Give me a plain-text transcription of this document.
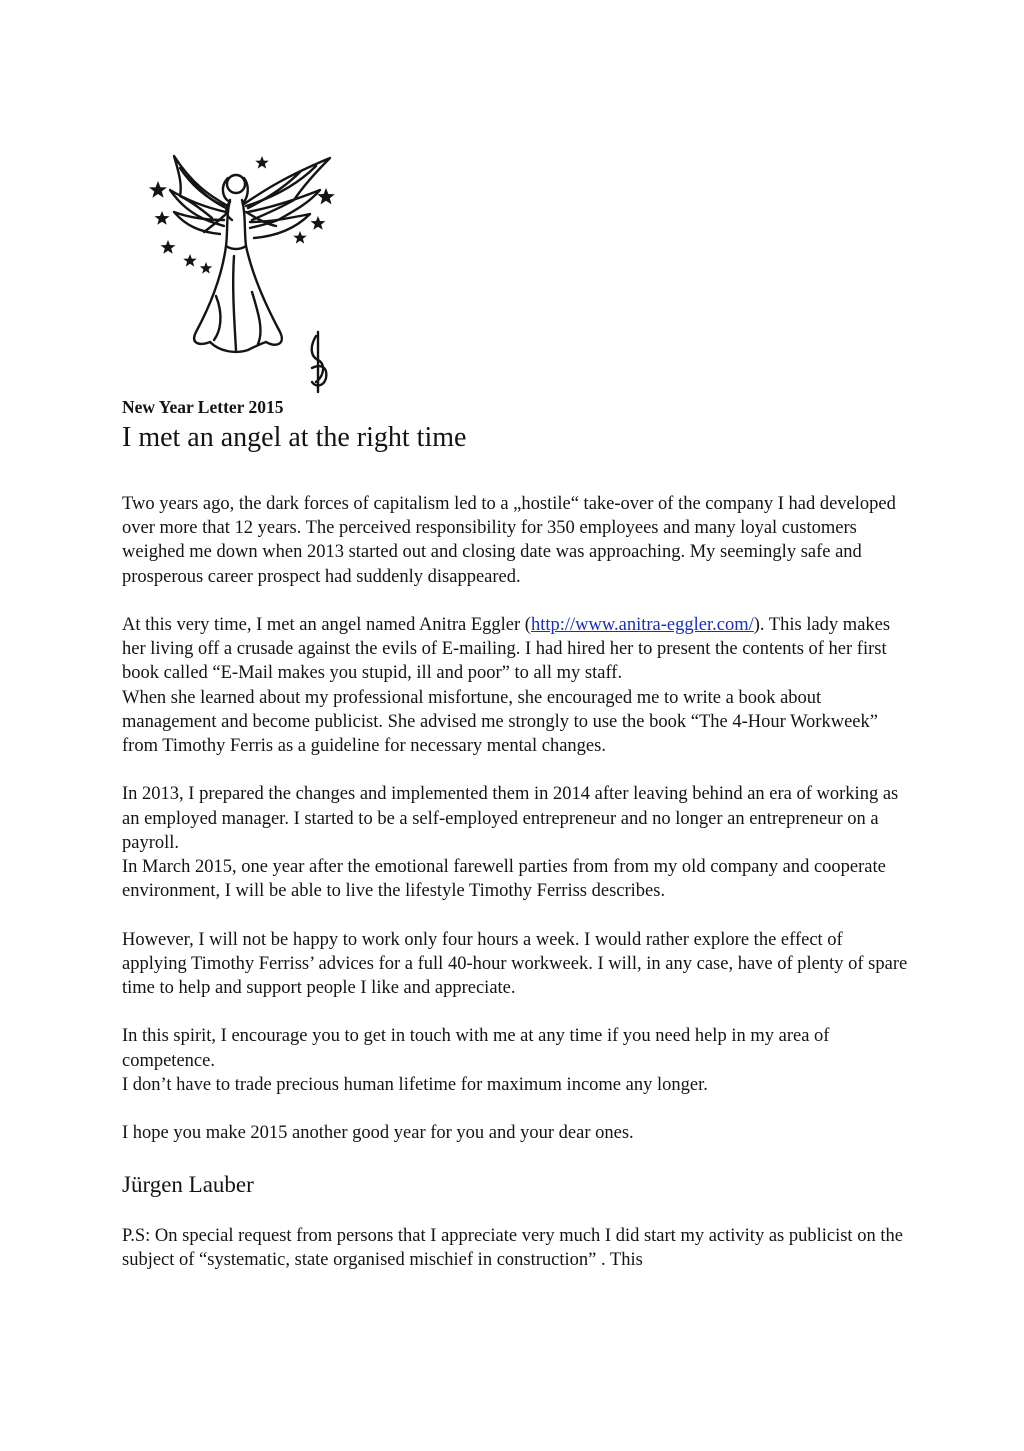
New Year Letter 2015

I met an angel at the right time

Two years ago, the dark forces of capitalism led to a „hostile“ take-over of the company I had developed over more that 12 years. The perceived responsibility for 350 employees and many loyal customers weighed me down when 2013 started out and closing date was approaching. My seemingly safe and prosperous career prospect had suddenly disappeared.

At this very time, I met an angel named Anitra Eggler (http://www.anitra-eggler.com/). This lady makes her living off a crusade against the evils of E-mailing. I had hired her to present the contents of her first book called “E-Mail makes you stupid, ill and poor” to all my staff.

When she learned about my professional misfortune, she encouraged me to write a book about management and become publicist. She advised me strongly to use the book “The 4-Hour Workweek” from Timothy Ferris as a guideline for necessary mental changes.

In 2013, I prepared the changes and implemented them in 2014 after leaving behind an era of working as an employed manager. I started to be a self-employed entrepreneur and no longer an entrepreneur on a payroll.

In March 2015, one year after the emotional farewell parties from from my old company and cooperate environment, I will be able to live the lifestyle Timothy Ferriss describes.

However, I will not be happy to work only four hours a week. I would rather explore the effect of applying Timothy Ferriss’ advices for a full 40-hour workweek. I will, in any case, have of plenty of spare time to help and support people I like and appreciate.

In this spirit, I encourage you to get in touch with me at any time if you need help in my area of competence.

I don’t have to trade precious human lifetime for maximum income any longer.

I hope you make 2015 another good year for you and your dear ones.

Jürgen Lauber

P.S: On special request from persons that I appreciate very much I did start my activity as publicist on the subject of “systematic, state organised mischief in construction” . This
